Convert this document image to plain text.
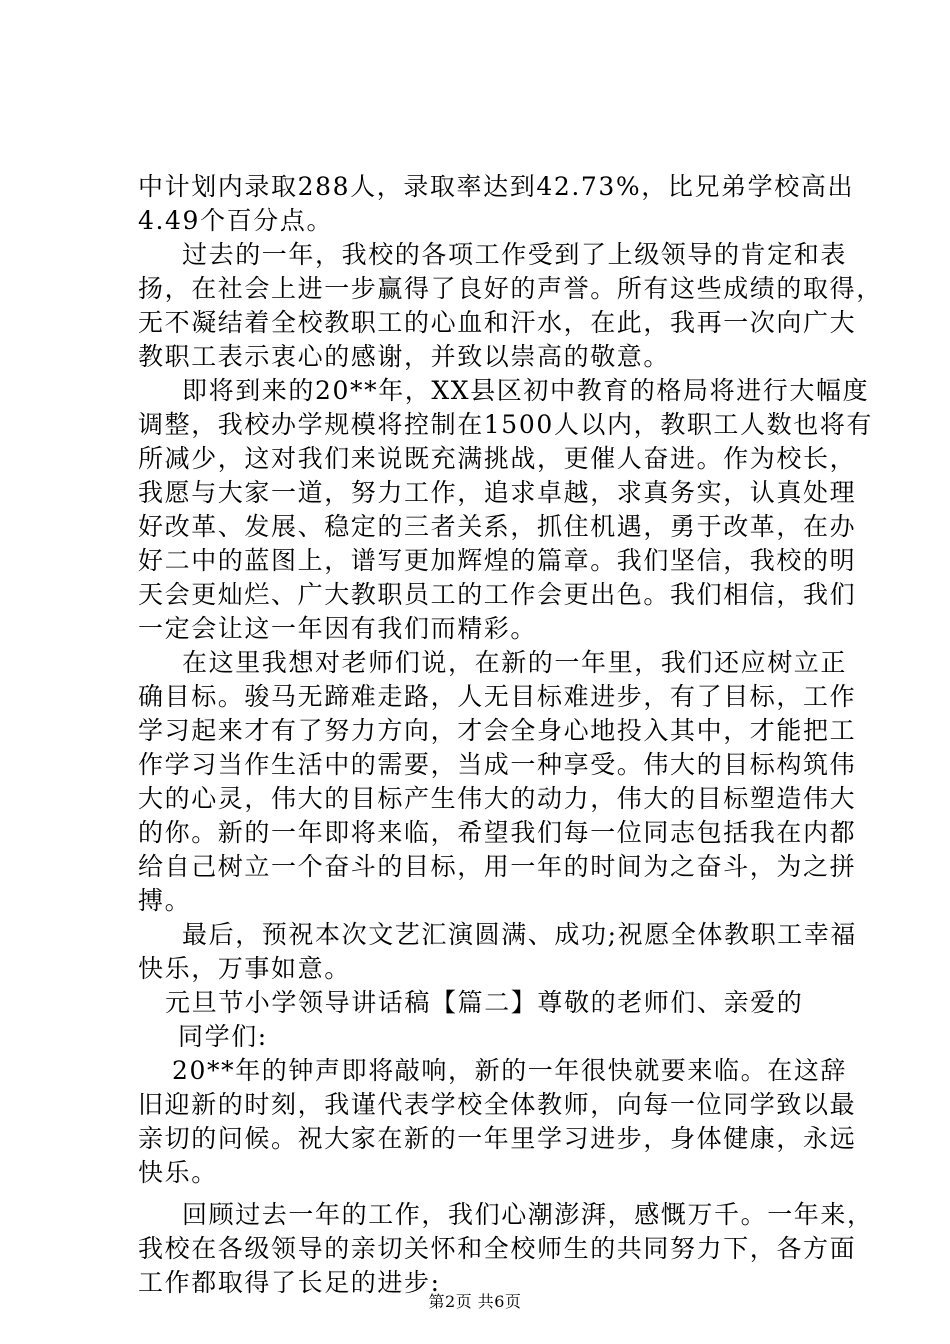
中计划内录取288人，录取率达到42.73%，比兄弟学校高出
4.49个百分点。
过去的一年，我校的各项工作受到了上级领导的肯定和表
扬，在社会上进一步赢得了良好的声誉。所有这些成绩的取得，
无不凝结着全校教职工的心血和汗水，在此，我再一次向广大
教职工表示衷心的感谢，并致以崇高的敬意。
即将到来的20**年，XX县区初中教育的格局将进行大幅度
调整，我校办学规模将控制在1500人以内，教职工人数也将有
所减少，这对我们来说既充满挑战，更催人奋进。作为校长，
我愿与大家一道，努力工作，追求卓越，求真务实，认真处理
好改革、发展、稳定的三者关系，抓住机遇，勇于改革，在办
好二中的蓝图上，谱写更加辉煌的篇章。我们坚信，我校的明
天会更灿烂、广大教职员工的工作会更出色。我们相信，我们
一定会让这一年因有我们而精彩。
在这里我想对老师们说，在新的一年里，我们还应树立正
确目标。骏马无蹄难走路，人无目标难进步，有了目标，工作
学习起来才有了努力方向，才会全身心地投入其中，才能把工
作学习当作生活中的需要，当成一种享受。伟大的目标构筑伟
大的心灵，伟大的目标产生伟大的动力，伟大的目标塑造伟大
的你。新的一年即将来临，希望我们每一位同志包括我在内都
给自己树立一个奋斗的目标，用一年的时间为之奋斗，为之拼
搏。
最后，预祝本次文艺汇演圆满、成功;祝愿全体教职工幸福
快乐，万事如意。
元旦节小学领导讲话稿【篇二】尊敬的老师们、亲爱的
同学们:
20**年的钟声即将敲响，新的一年很快就要来临。在这辞
旧迎新的时刻，我谨代表学校全体教师，向每一位同学致以最
亲切的问候。祝大家在新的一年里学习进步，身体健康，永远
快乐。
回顾过去一年的工作，我们心潮澎湃，感慨万千。一年来，
我校在各级领导的亲切关怀和全校师生的共同努力下，各方面
工作都取得了长足的进步:
第2页 共6页
